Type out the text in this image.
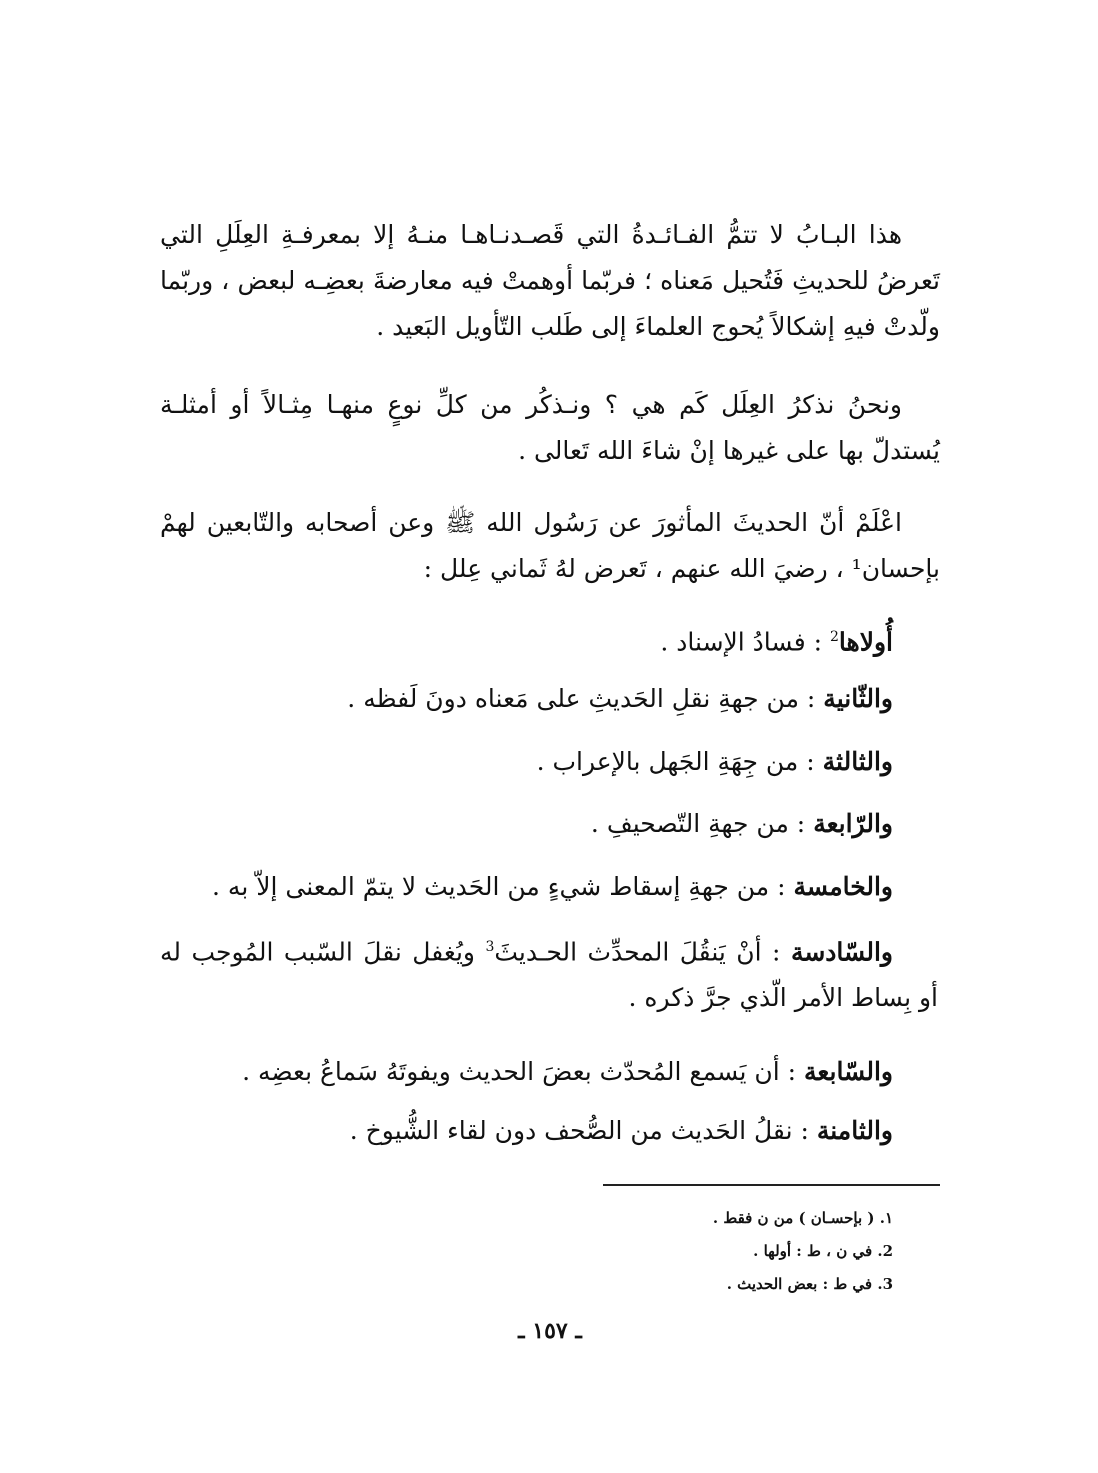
هذا البـابُ لا تتمُّ الفـائـدةُ التي قَصـدنـاهـا منـهُ إلا بمعرفـةِ العِلَلِ التي تَعرضُ للحديثِ فَتُحيل مَعناه ؛ فربّما أوهمتْ فيه معارضةَ بعضِـه لبعض ، وربّما ولّدتْ فيهِ إشكالاً يُحوج العلماءَ إلى طَلب التّأويل البَعيد .

ونحنُ نذكرُ العِلَل كَم هي ؟ ونـذكُر من كلِّ نوعٍ منهـا مِثـالاً أو أمثلـة يُستدلّ بها على غيرها إنْ شاءَ الله تَعالى .

اعْلَمْ أنّ الحديثَ المأثورَ عن رَسُول الله ﷺ وعن أصحابه والتّابعين لهمْ بإحسان¹ ، رضيَ الله عنهم ، تَعرض لهُ ثَماني عِلل :

أُولاها$^2$ : فسادُ الإسناد .
والثّانية : من جهةِ نقلِ الحَديثِ على مَعناه دونَ لَفظه .
والثالثة : من جِهَةِ الجَهل بالإعراب .
والرّابعة : من جهةِ التّصحيفِ .
والخامسة : من جهةِ إسقاط شيءٍ من الحَديث لا يتمّ المعنى إلاّ به .
والسّادسة : أنْ يَنقُلَ المحدِّث الحـديثَ$^3$ ويُغفل نقلَ السّبب المُوجب له أو بِساط الأمر الّذي جرَّ ذكره .
والسّابعة : أن يَسمع المُحدّث بعضَ الحديث ويفوتَهُ سَماعُ بعضِه .
والثامنة : نقلُ الحَديث من الصُّحف دون لقاء الشُّيوخ .
١. ( بإحسـان ) من ن فقط .
2. في ن ، ط : أولها .
3. في ط : بعض الحديث .
ـ ١٥٧ ـ
